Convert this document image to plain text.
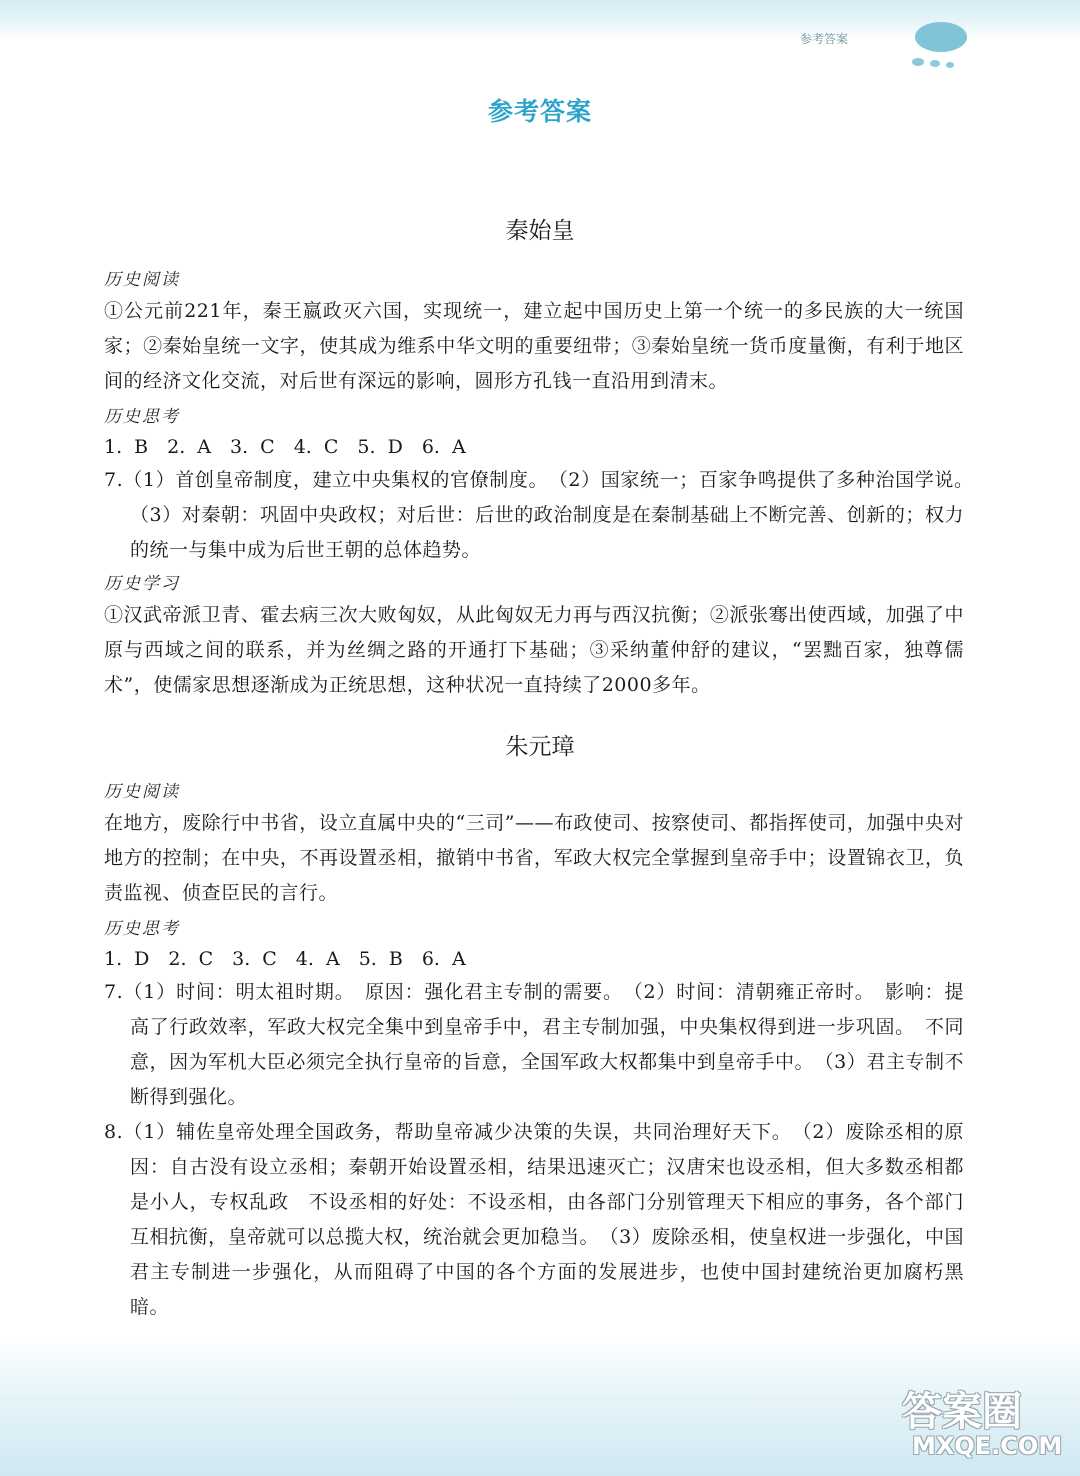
参考答案
参考答案
秦始皇
历史阅读
①公元前221年，秦王嬴政灭六国，实现统一，建立起中国历史上第一个统一的多民族的大一统国家；②秦始皇统一文字，使其成为维系中华文明的重要纽带；③秦始皇统一货币度量衡，有利于地区间的经济文化交流，对后世有深远的影响，圆形方孔钱一直沿用到清末。
历史思考
1. B　2. A　3. C　4. C　5. D　6. A
7.（1）首创皇帝制度，建立中央集权的官僚制度。　（2）国家统一；百家争鸣提供了多种治国学说。　（3）对秦朝：巩固中央政权；对后世：后世的政治制度是在秦制基础上不断完善、创新的；权力的统一与集中成为后世王朝的总体趋势。
历史学习
①汉武帝派卫青、霍去病三次大败匈奴，从此匈奴无力再与西汉抗衡；②派张骞出使西域，加强了中原与西域之间的联系，并为丝绸之路的开通打下基础；③采纳董仲舒的建议，“罢黜百家，独尊儒术”，使儒家思想逐渐成为正统思想，这种状况一直持续了2000多年。
朱元璋
历史阅读
在地方，废除行中书省，设立直属中央的“三司”——布政使司、按察使司、都指挥使司，加强中央对地方的控制；在中央，不再设置丞相，撤销中书省，军政大权完全掌握到皇帝手中；设置锦衣卫，负责监视、侦查臣民的言行。
历史思考
1. D　2. C　3. C　4. A　5. B　6. A
7.（1）时间：明太祖时期。　原因：强化君主专制的需要。　（2）时间：清朝雍正帝时。　影响：提高了行政效率，军政大权完全集中到皇帝手中，君主专制加强，中央集权得到进一步巩固。　不同意，因为军机大臣必须完全执行皇帝的旨意，全国军政大权都集中到皇帝手中。　（3）君主专制不断得到强化。
8.（1）辅佐皇帝处理全国政务，帮助皇帝减少决策的失误，共同治理好天下。　（2）废除丞相的原因：自古没有设立丞相；秦朝开始设置丞相，结果迅速灭亡；汉唐宋也设丞相，但大多数丞相都是小人，专权乱政　不设丞相的好处：不设丞相，由各部门分别管理天下相应的事务，各个部门互相抗衡，皇帝就可以总揽大权，统治就会更加稳当。　（3）废除丞相，使皇权进一步强化，中国君主专制进一步强化，从而阻碍了中国的各个方面的发展进步，也使中国封建统治更加腐朽黑暗。
答案圈
MXQE.COM
